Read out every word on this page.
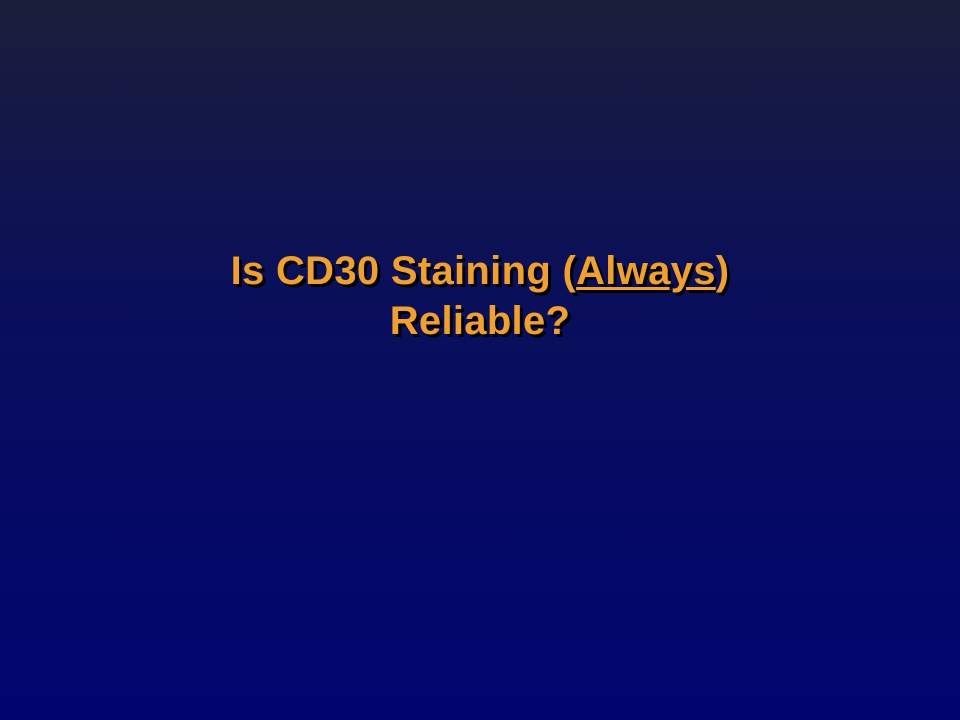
Is CD30 Staining (Always)
Reliable?
